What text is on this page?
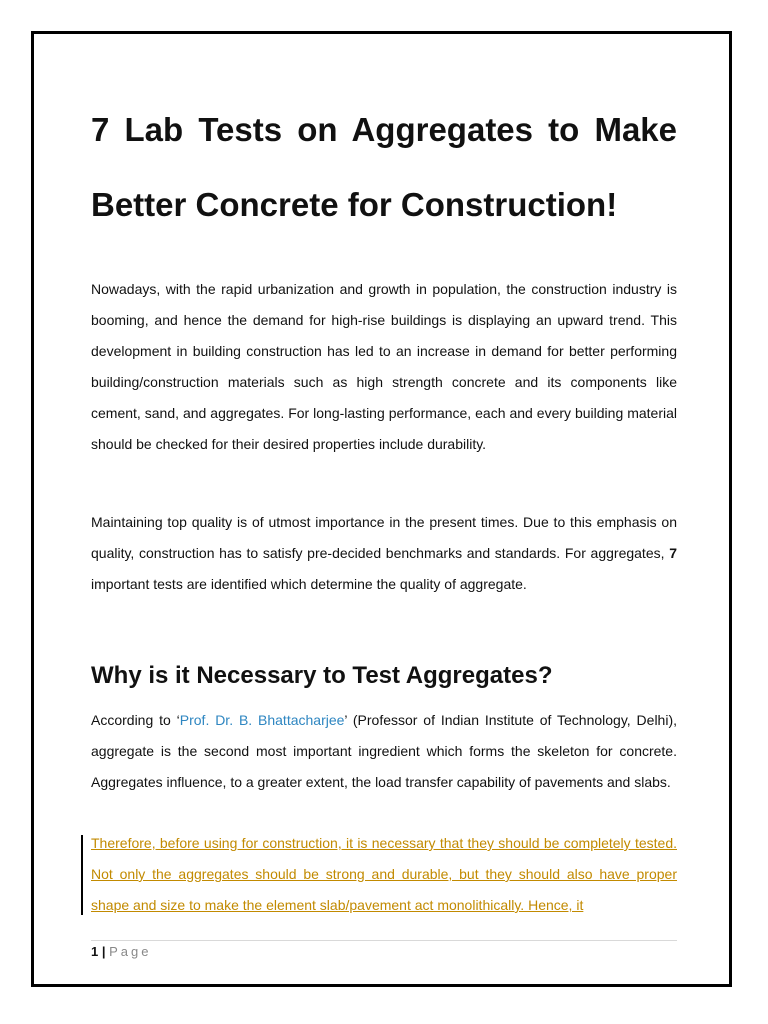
7 Lab Tests on Aggregates to Make Better Concrete for Construction!

Nowadays, with the rapid urbanization and growth in population, the construction industry is booming, and hence the demand for high-rise buildings is displaying an upward trend. This development in building construction has led to an increase in demand for better performing building/construction materials such as high strength concrete and its components like cement, sand, and aggregates. For long-lasting performance, each and every building material should be checked for their desired properties include durability.

Maintaining top quality is of utmost importance in the present times. Due to this emphasis on quality, construction has to satisfy pre-decided benchmarks and standards. For aggregates, 7 important tests are identified which determine the quality of aggregate.

Why is it Necessary to Test Aggregates?

According to ‘Prof. Dr. B. Bhattacharjee’ (Professor of Indian Institute of Technology, Delhi), aggregate is the second most important ingredient which forms the skeleton for concrete. Aggregates influence, to a greater extent, the load transfer capability of pavements and slabs.

Therefore, before using for construction, it is necessary that they should be completely tested. Not only the aggregates should be strong and durable, but they should also have proper shape and size to make the element slab/pavement act monolithically. Hence, it

1 | Page
